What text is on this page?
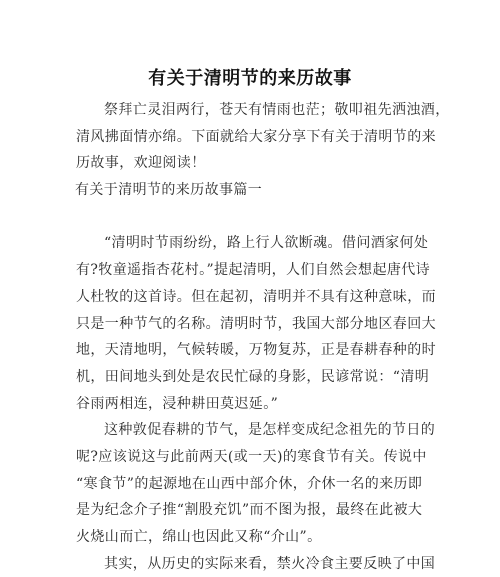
有关于清明节的来历故事
祭拜亡灵泪两行，苍天有情雨也茫；敬叩祖先洒浊酒，
清风拂面情亦绵。下面就给大家分享下有关于清明节的来
历故事，欢迎阅读！
有关于清明节的来历故事篇一
“清明时节雨纷纷，路上行人欲断魂。借问酒家何处
有?牧童遥指杏花村。”提起清明，人们自然会想起唐代诗
人杜牧的这首诗。但在起初，清明并不具有这种意味，而
只是一种节气的名称。清明时节，我国大部分地区春回大
地，天清地明，气候转暖，万物复苏，正是春耕春种的时
机，田间地头到处是农民忙碌的身影，民谚常说：“清明
谷雨两相连，浸种耕田莫迟延。”
这种敦促春耕的节气，是怎样变成纪念祖先的节日的
呢?应该说这与此前两天(或一天)的寒食节有关。传说中
“寒食节”的起源地在山西中部介休，介休一名的来历即
是为纪念介子推“割股充饥”而不图为报，最终在此被大
火烧山而亡，绵山也因此又称“介山”。
其实，从历史的实际来看，禁火冷食主要反映了中国
